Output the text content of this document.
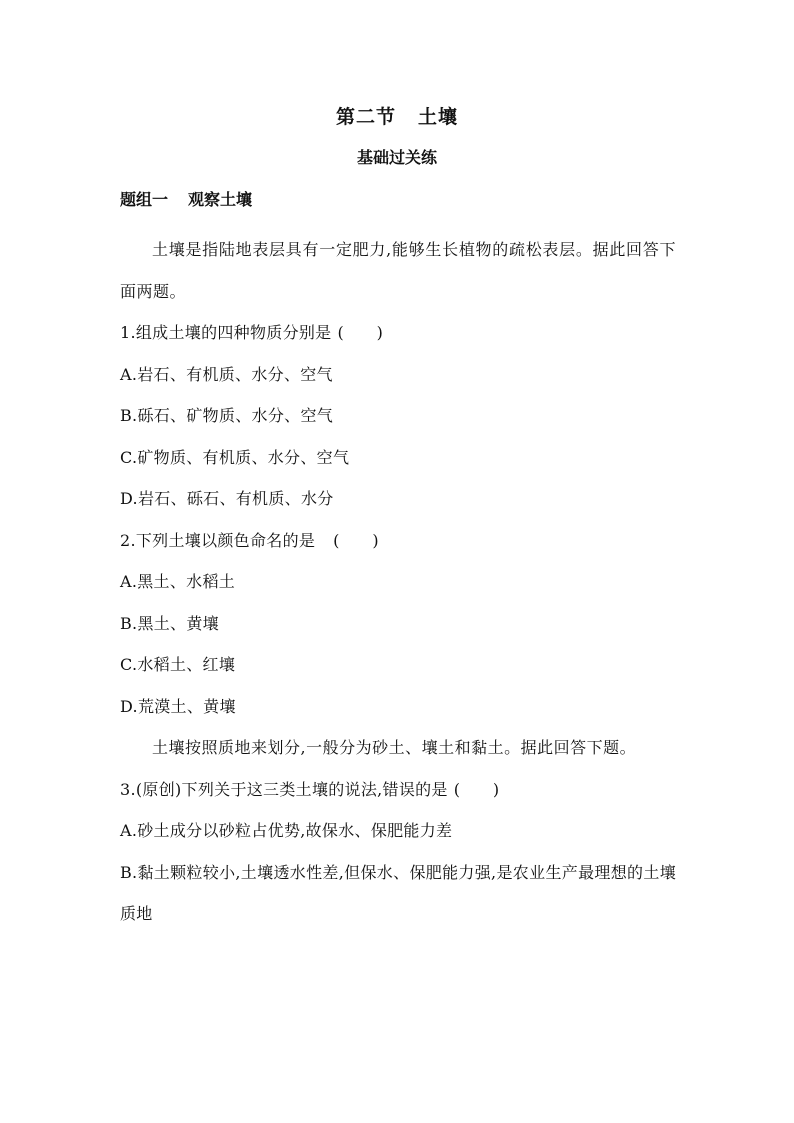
第二节 土壤
基础过关练
题组一 观察土壤
土壤是指陆地表层具有一定肥力,能够生长植物的疏松表层。据此回答下面两题。
1.组成土壤的四种物质分别是 (　　)
A.岩石、有机质、水分、空气
B.砾石、矿物质、水分、空气
C.矿物质、有机质、水分、空气
D.岩石、砾石、有机质、水分
2.下列土壤以颜色命名的是 (　　)
A.黑土、水稻土
B.黑土、黄壤
C.水稻土、红壤
D.荒漠土、黄壤
土壤按照质地来划分,一般分为砂土、壤土和黏土。据此回答下题。
3.(原创)下列关于这三类土壤的说法,错误的是 (　　)
A.砂土成分以砂粒占优势,故保水、保肥能力差
B.黏土颗粒较小,土壤透水性差,但保水、保肥能力强,是农业生产最理想的土壤质地
